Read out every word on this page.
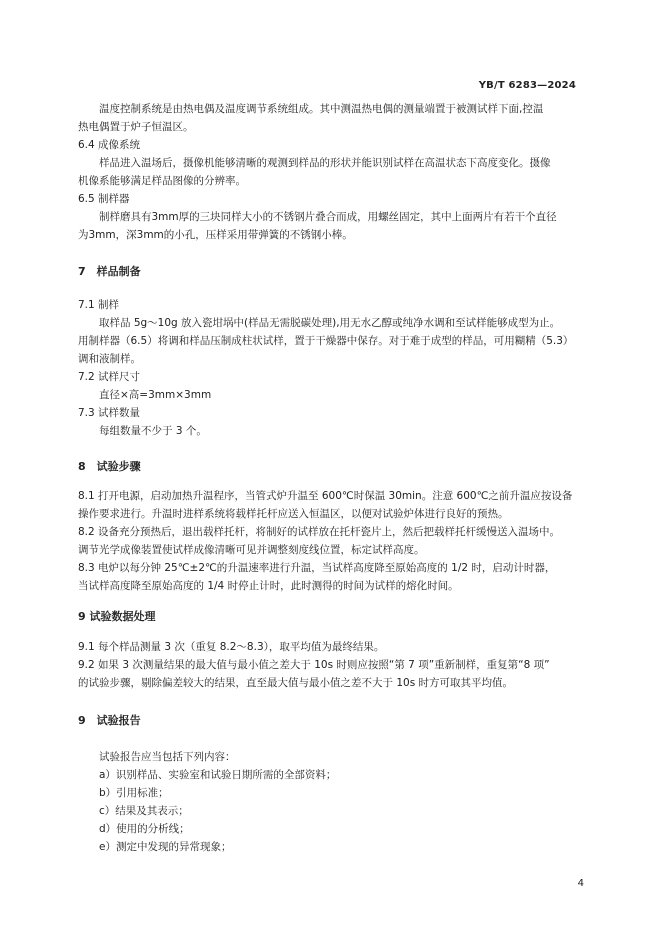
YB/T 6283—2024
温度控制系统是由热电偶及温度调节系统组成。其中测温热电偶的测量端置于被测试样下面,控温
热电偶置于炉子恒温区。
6.4 成像系统
样品进入温场后，摄像机能够清晰的观测到样品的形状并能识别试样在高温状态下高度变化。摄像
机像系能够满足样品图像的分辨率。
6.5 制样器
制样磨具有3mm厚的三块同样大小的不锈钢片叠合而成，用螺丝固定，其中上面两片有若干个直径
为3mm，深3mm的小孔，压样采用带弹簧的不锈钢小棒。
7　样品制备
7.1 制样
取样品 5g～10g 放入瓷坩埚中(样品无需脱碳处理),用无水乙醇或纯净水调和至试样能够成型为止。
用制样器（6.5）将调和样品压制成柱状试样，置于干燥器中保存。对于难于成型的样品，可用糊精（5.3）
调和液制样。
7.2 试样尺寸
直径×高=3mm×3mm
7.3 试样数量
每组数量不少于 3 个。
8　试验步骤
8.1 打开电源，启动加热升温程序，当管式炉升温至 600℃时保温 30min。注意 600℃之前升温应按设备
操作要求进行。升温时进样系统将载样托杆应送入恒温区，以便对试验炉体进行良好的预热。
8.2 设备充分预热后，退出载样托杆，将制好的试样放在托杆瓷片上，然后把载样托杆缓慢送入温场中。
调节光学成像装置使试样成像清晰可见并调整刻度线位置，标定试样高度。
8.3 电炉以每分钟 25℃±2℃的升温速率进行升温，当试样高度降至原始高度的 1/2 时，启动计时器，
当试样高度降至原始高度的 1/4 时停止计时，此时测得的时间为试样的熔化时间。
9 试验数据处理
9.1 每个样品测量 3 次（重复 8.2～8.3），取平均值为最终结果。
9.2 如果 3 次测量结果的最大值与最小值之差大于 10s 时则应按照“第 7 项”重新制样，重复第“8 项”
的试验步骤，剔除偏差较大的结果，直至最大值与最小值之差不大于 10s 时方可取其平均值。
9　试验报告
试验报告应当包括下列内容：
a）识别样品、实验室和试验日期所需的全部资料；
b）引用标准；
c）结果及其表示；
d）使用的分析线；
e）测定中发现的异常现象；
4
